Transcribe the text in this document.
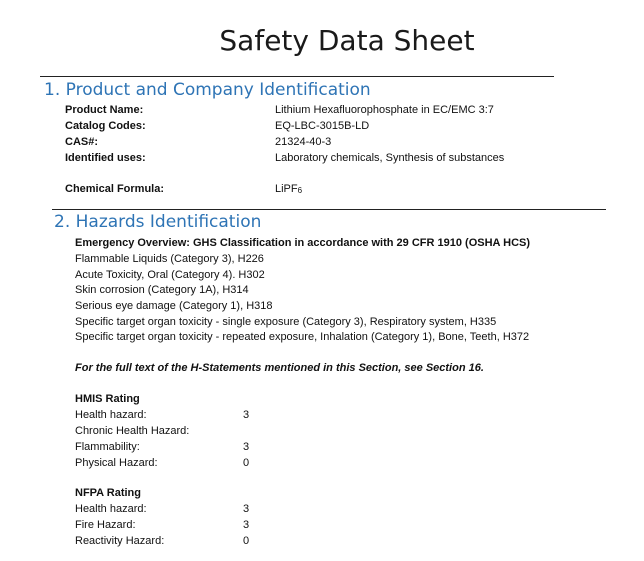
Safety Data Sheet
1. Product and Company Identification
Product Name:	Lithium Hexafluorophosphate in EC/EMC 3:7
Catalog Codes:	EQ-LBC-3015B-LD
CAS#:	21324-40-3
Identified uses:	Laboratory chemicals, Synthesis of substances
Chemical Formula:	LiPF6
2. Hazards Identification
Emergency Overview: GHS Classification in accordance with 29 CFR 1910 (OSHA HCS)
Flammable Liquids (Category 3), H226
Acute Toxicity, Oral (Category 4). H302
Skin corrosion (Category 1A), H314
Serious eye damage (Category 1), H318
Specific target organ toxicity - single exposure (Category 3), Respiratory system, H335
Specific target organ toxicity - repeated exposure, Inhalation (Category 1), Bone, Teeth, H372
For the full text of the H-Statements mentioned in this Section, see Section 16.
HMIS Rating
Health hazard:	3
Chronic Health Hazard:
Flammability:	3
Physical Hazard:	0
NFPA Rating
Health hazard:	3
Fire Hazard:	3
Reactivity Hazard:	0
